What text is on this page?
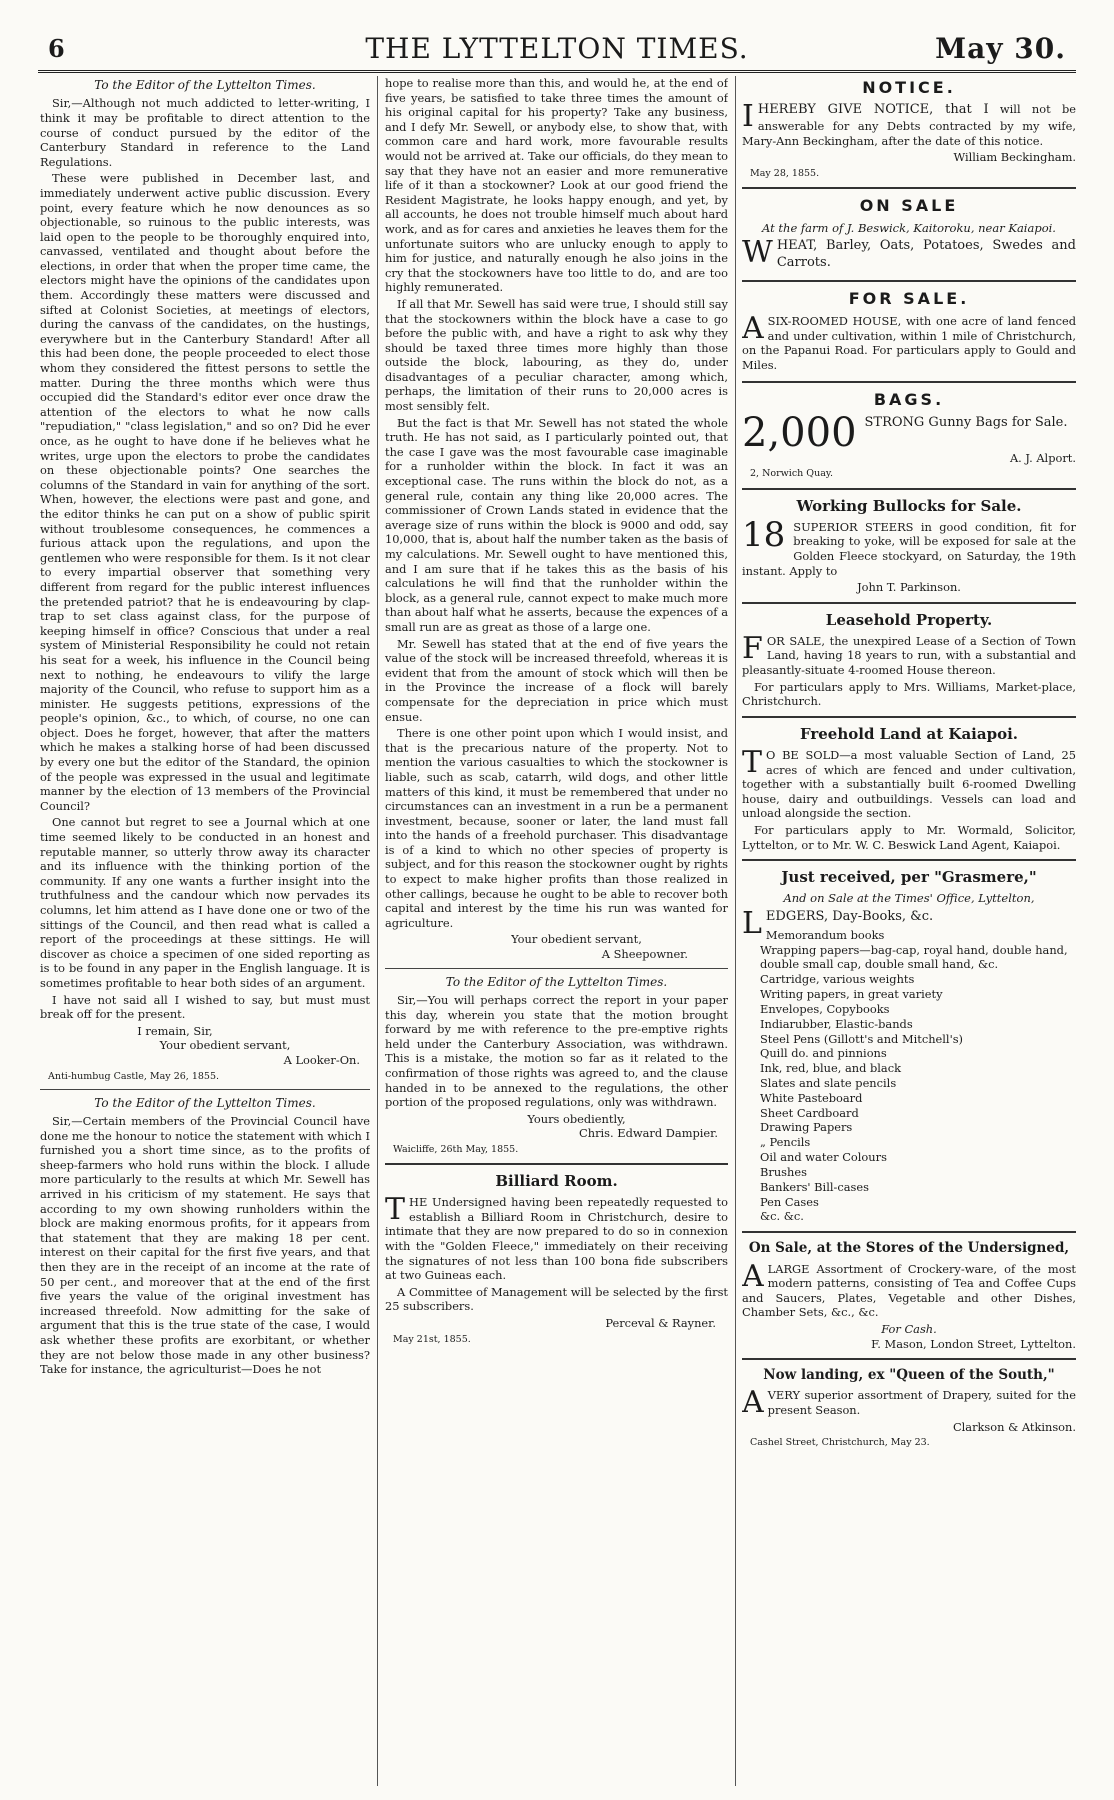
6	THE LYTTELTON TIMES.	May 30.
To the Editor of the Lyttelton Times.

Sir,—Although not much addicted to letter-writing, I think it may be profitable to direct attention to the course of conduct pursued by the editor of the Canterbury Standard in reference to the Land Regulations.

These were published in December last, and immediately underwent active public discussion. Every point, every feature which he now denounces as so objectionable, so ruinous to the public interests, was laid open to the people to be thoroughly enquired into, canvassed, ventilated and thought about before the elections, in order that when the proper time came, the electors might have the opinions of the candidates upon them. Accordingly these matters were discussed and sifted at Colonist Societies, at meetings of electors, during the canvass of the candidates, on the hustings, everywhere but in the Canterbury Standard! After all this had been done, the people proceeded to elect those whom they considered the fittest persons to settle the matter. During the three months which were thus occupied did the Standard's editor ever once draw the attention of the electors to what he now calls "repudiation," "class legislation," and so on? Did he ever once, as he ought to have done if he believes what he writes, urge upon the electors to probe the candidates on these objectionable points? One searches the columns of the Standard in vain for anything of the sort. When, however, the elections were past and gone, and the editor thinks he can put on a show of public spirit without troublesome consequences, he commences a furious attack upon the regulations, and upon the gentlemen who were responsible for them. Is it not clear to every impartial observer that something very different from regard for the public interest influences the pretended patriot? that he is endeavouring by clap-trap to set class against class, for the purpose of keeping himself in office? Conscious that under a real system of Ministerial Responsibility he could not retain his seat for a week, his influence in the Council being next to nothing, he endeavours to vilify the large majority of the Council, who refuse to support him as a minister. He suggests petitions, expressions of the people's opinion, &c., to which, of course, no one can object. Does he forget, however, that after the matters which he makes a stalking horse of had been discussed by every one but the editor of the Standard, the opinion of the people was expressed in the usual and legitimate manner by the election of 13 members of the Provincial Council?

One cannot but regret to see a Journal which at one time seemed likely to be conducted in an honest and reputable manner, so utterly throw away its character and its influence with the thinking portion of the community. If any one wants a further insight into the truthfulness and the candour which now pervades its columns, let him attend as I have done one or two of the sittings of the Council, and then read what is called a report of the proceedings at these sittings. He will discover as choice a specimen of one sided reporting as is to be found in any paper in the English language. It is sometimes profitable to hear both sides of an argument.

I have not said all I wished to say, but must must break off for the present.

I remain, Sir,
Your obedient servant,
A Looker-On.
Anti-humbug Castle, May 26, 1855.
To the Editor of the Lyttelton Times.

Sir,—Certain members of the Provincial Council have done me the honour to notice the statement with which I furnished you a short time since, as to the profits of sheep-farmers who hold runs within the block. I allude more particularly to the results at which Mr. Sewell has arrived in his criticism of my statement. He says that according to my own showing runholders within the block are making enormous profits, for it appears from that statement that they are making 18 per cent. interest on their capital for the first five years, and that then they are in the receipt of an income at the rate of 50 per cent., and moreover that at the end of the first five years the value of the original investment has increased threefold. Now admitting for the sake of argument that this is the true state of the case, I would ask whether these profits are exorbitant, or whether they are not below those made in any other business? Take for instance, the agriculturist—Does he not

hope to realise more than this, and would he, at the end of five years, be satisfied to take three times the amount of his original capital for his property? Take any business, and I defy Mr. Sewell, or anybody else, to show that, with common care and hard work, more favourable results would not be arrived at. Take our officials, do they mean to say that they have not an easier and more remunerative life of it than a stockowner? Look at our good friend the Resident Magistrate, he looks happy enough, and yet, by all accounts, he does not trouble himself much about hard work, and as for cares and anxieties he leaves them for the unfortunate suitors who are unlucky enough to apply to him for justice, and naturally enough he also joins in the cry that the stockowners have too little to do, and are too highly remunerated.

If all that Mr. Sewell has said were true, I should still say that the stockowners within the block have a case to go before the public with, and have a right to ask why they should be taxed three times more highly than those outside the block, labouring, as they do, under disadvantages of a peculiar character, among which, perhaps, the limitation of their runs to 20,000 acres is most sensibly felt.

But the fact is that Mr. Sewell has not stated the whole truth. He has not said, as I particularly pointed out, that the case I gave was the most favourable case imaginable for a runholder within the block. In fact it was an exceptional case. The runs within the block do not, as a general rule, contain any thing like 20,000 acres. The commissioner of Crown Lands stated in evidence that the average size of runs within the block is 9000 and odd, say 10,000, that is, about half the number taken as the basis of my calculations. Mr. Sewell ought to have mentioned this, and I am sure that if he takes this as the basis of his calculations he will find that the runholder within the block, as a general rule, cannot expect to make much more than about half what he asserts, because the expences of a small run are as great as those of a large one.

Mr. Sewell has stated that at the end of five years the value of the stock will be increased threefold, whereas it is evident that from the amount of stock which will then be in the Province the increase of a flock will barely compensate for the depreciation in price which must ensue.

There is one other point upon which I would insist, and that is the precarious nature of the property. Not to mention the various casualties to which the stockowner is liable, such as scab, catarrh, wild dogs, and other little matters of this kind, it must be remembered that under no circumstances can an investment in a run be a permanent investment, because, sooner or later, the land must fall into the hands of a freehold purchaser. This disadvantage is of a kind to which no other species of property is subject, and for this reason the stockowner ought by rights to expect to make higher profits than those realized in other callings, because he ought to be able to recover both capital and interest by the time his run was wanted for agriculture.

Your obedient servant,
A Sheepowner.
To the Editor of the Lyttelton Times.

Sir,—You will perhaps correct the report in your paper this day, wherein you state that the motion brought forward by me with reference to the pre-emptive rights held under the Canterbury Association, was withdrawn. This is a mistake, the motion so far as it related to the confirmation of those rights was agreed to, and the clause handed in to be annexed to the regulations, the other portion of the proposed regulations, only was withdrawn.

Yours obediently,
Chris. Edward Dampier.
Waicliffe, 26th May, 1855.
Billiard Room.

THE Undersigned having been repeatedly requested to establish a Billiard Room in Christchurch, desire to intimate that they are now prepared to do so in connexion with the "Golden Fleece," immediately on their receiving the signatures of not less than 100 bona fide subscribers at two Guineas each.

A Committee of Management will be selected by the first 25 subscribers.

Perceval & Rayner.
May 21st, 1855.
NOTICE.

IHEREBY GIVE NOTICE, that I will not be answerable for any Debts contracted by my wife, Mary-Ann Beckingham, after the date of this notice.

William Beckingham.
May 28, 1855.
ON SALE
At the farm of J. Beswick, Kaitoroku, near Kaiapoi.

WHEAT, Barley, Oats, Potatoes, Swedes and Carrots.

FOR SALE.

ASIX-ROOMED HOUSE, with one acre of land fenced and under cultivation, within 1 mile of Christchurch, on the Papanui Road. For particulars apply to Gould and Miles.

BAGS.

2,000 STRONG Gunny Bags for Sale.

A. J. Alport.
2, Norwich Quay.
Working Bullocks for Sale.

18 SUPERIOR STEERS in good condition, fit for breaking to yoke, will be exposed for sale at the Golden Fleece stockyard, on Saturday, the 19th instant. Apply to

John T. Parkinson.
Leasehold Property.

FOR SALE, the unexpired Lease of a Section of Town Land, having 18 years to run, with a substantial and pleasantly-situate 4-roomed House thereon.

For particulars apply to Mrs. Williams, Market-place, Christchurch.

Freehold Land at Kaiapoi.

T O BE SOLD—a most valuable Section of Land, 25 acres of which are fenced and under cultivation, together with a substantially built 6-roomed Dwelling house, dairy and outbuildings. Vessels can load and unload alongside the section.

For particulars apply to Mr. Wormald, Solicitor, Lyttelton, or to Mr. W. C. Beswick Land Agent, Kaiapoi.

Just received, per "Grasmere,"
And on Sale at the Times' Office, Lyttelton,

LEDGERS, Day-Books, &c.

Memorandum books
Wrapping papers—bag-cap, royal hand, double hand, double small cap, double small hand, &c.
Cartridge, various weights
Writing papers, in great variety
Envelopes, Copybooks
Indiarubber, Elastic-bands
Steel Pens (Gillott's and Mitchell's)
Quill do. and pinnions
Ink, red, blue, and black
Slates and slate pencils
White Pasteboard
Sheet Cardboard
Drawing Papers
„ Pencils
Oil and water Colours
Brushes
Bankers' Bill-cases
Pen Cases
&c. &c.
On Sale, at the Stores of the Undersigned,

ALARGE Assortment of Crockery-ware, of the most modern patterns, consisting of Tea and Coffee Cups and Saucers, Plates, Vegetable and other Dishes, Chamber Sets, &c., &c.

For Cash.
F. Mason, London Street, Lyttelton.
Now landing, ex "Queen of the South,"

AVERY superior assortment of Drapery, suited for the present Season.

Clarkson & Atkinson.
Cashel Street, Christchurch, May 23.
